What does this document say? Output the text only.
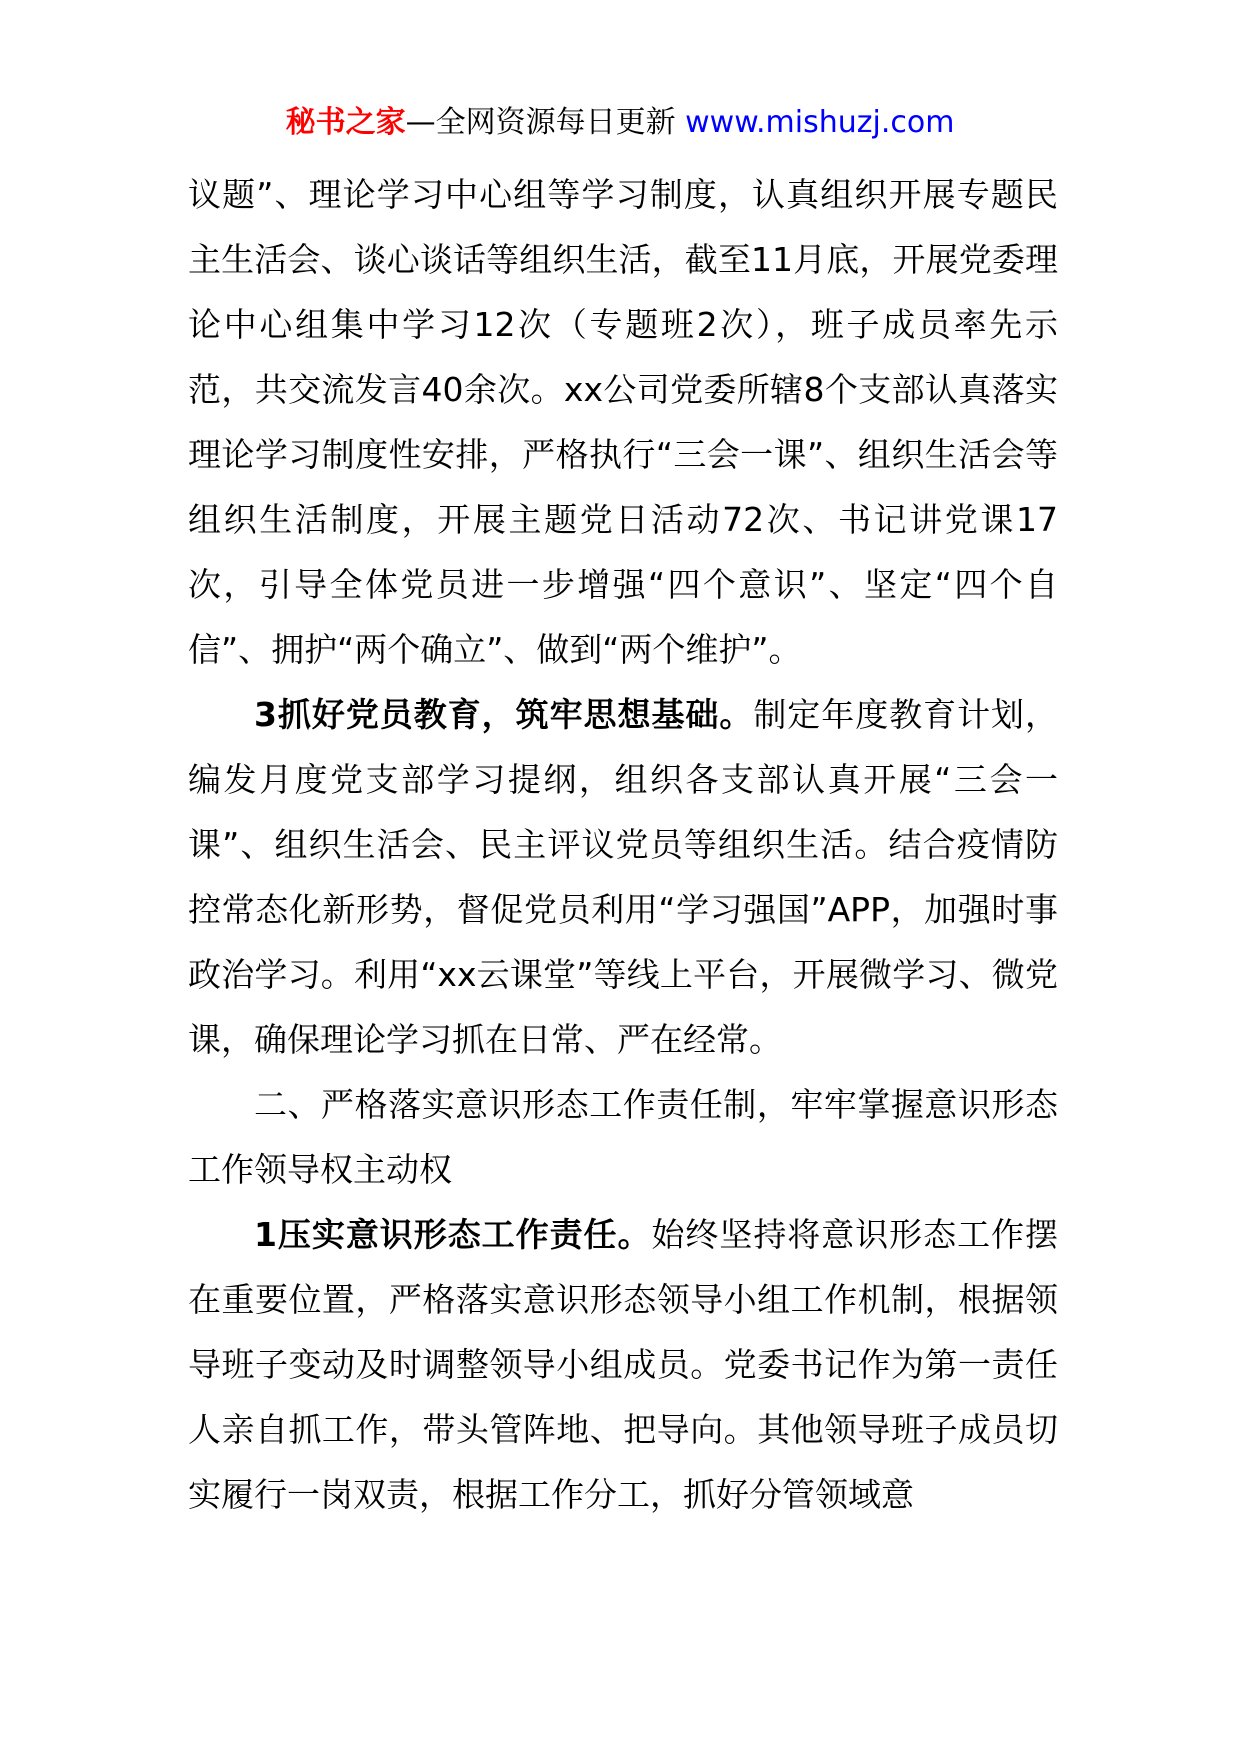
秘书之家—全网资源每日更新 www.mishuzj.com

议题”、理论学习中心组等学习制度，认真组织开展专题民主生活会、谈心谈话等组织生活，截至11月底，开展党委理论中心组集中学习12次（专题班2次），班子成员率先示范，共交流发言40余次。xx公司党委所辖8个支部认真落实理论学习制度性安排，严格执行“三会一课”、组织生活会等组织生活制度，开展主题党日活动72次、书记讲党课17次，引导全体党员进一步增强“四个意识”、坚定“四个自信”、拥护“两个确立”、做到“两个维护”。

3抓好党员教育，筑牢思想基础。制定年度教育计划，编发月度党支部学习提纲，组织各支部认真开展“三会一课”、组织生活会、民主评议党员等组织生活。结合疫情防控常态化新形势，督促党员利用“学习强国”APP，加强时事政治学习。利用“xx云课堂”等线上平台，开展微学习、微党课，确保理论学习抓在日常、严在经常。

二、严格落实意识形态工作责任制，牢牢掌握意识形态工作领导权主动权

1压实意识形态工作责任。始终坚持将意识形态工作摆在重要位置，严格落实意识形态领导小组工作机制，根据领导班子变动及时调整领导小组成员。党委书记作为第一责任人亲自抓工作，带头管阵地、把导向。其他领导班子成员切实履行一岗双责，根据工作分工，抓好分管领域意
